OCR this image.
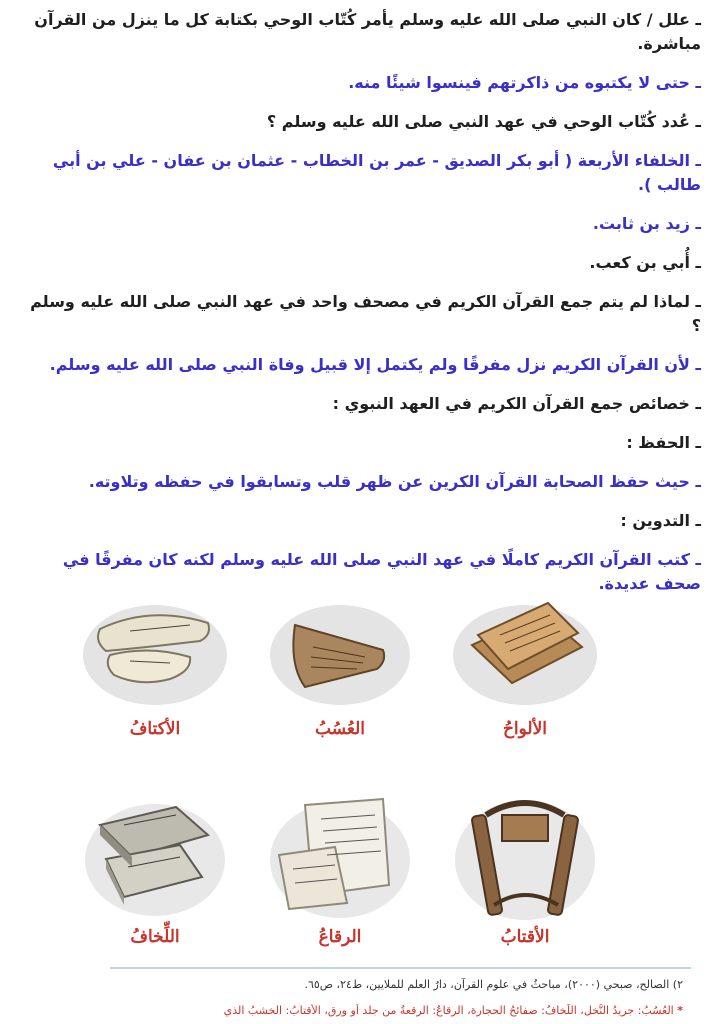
ـ علل / كان النبي صلى الله عليه وسلم يأمر كُتّاب الوحي بكتابة كل ما ينزل من القرآن مباشرة.
ـ حتى لا يكتبوه من ذاكرتهم فينسوا شيئًا منه.
ـ عُدد كُتّاب الوحي في عهد النبي صلى الله عليه وسلم ؟
ـ الخلفاء الأربعة ( أبو بكر الصديق - عمر بن الخطاب - عثمان بن عفان - علي بن أبي طالب ).
ـ زيد بن ثابت.
ـ أُبي بن كعب.
ـ لماذا لم يتم جمع القرآن الكريم في مصحف واحد في عهد النبي صلى الله عليه وسلم ؟
ـ لأن القرآن الكريم نزل مفرقًا ولم يكتمل إلا قبيل وفاة النبي صلى الله عليه وسلم.
ـ خصائص جمع القرآن الكريم في العهد النبوي :
ـ الحفظ :
ـ حيث حفظ الصحابة القرآن الكرين عن ظهر قلب وتسابقوا في حفظه وتلاوته.
ـ التدوين :
ـ كتب القرآن الكريم كاملًا في عهد النبي صلى الله عليه وسلم لكنه كان مفرقًا في صحف عديدة.
الألواحُ
العُسُبُ
الأكتافُ
الأقتابُ
الرقاعُ
اللِّخافُ
٢) الصالح، صبحي (٢٠٠٠)، مباحثُ في علوم القرآن، دارُ العلم للملايين، ط٢٤، ص٦٥.
* العُسُبُ: جريدُ النَّخلِ، اللِّخافُ: صفائحُ الحجارة، الرقاعُ: الرقعةُ من جلد أو ورق، الأقتابُ: الخشبُ الذي
